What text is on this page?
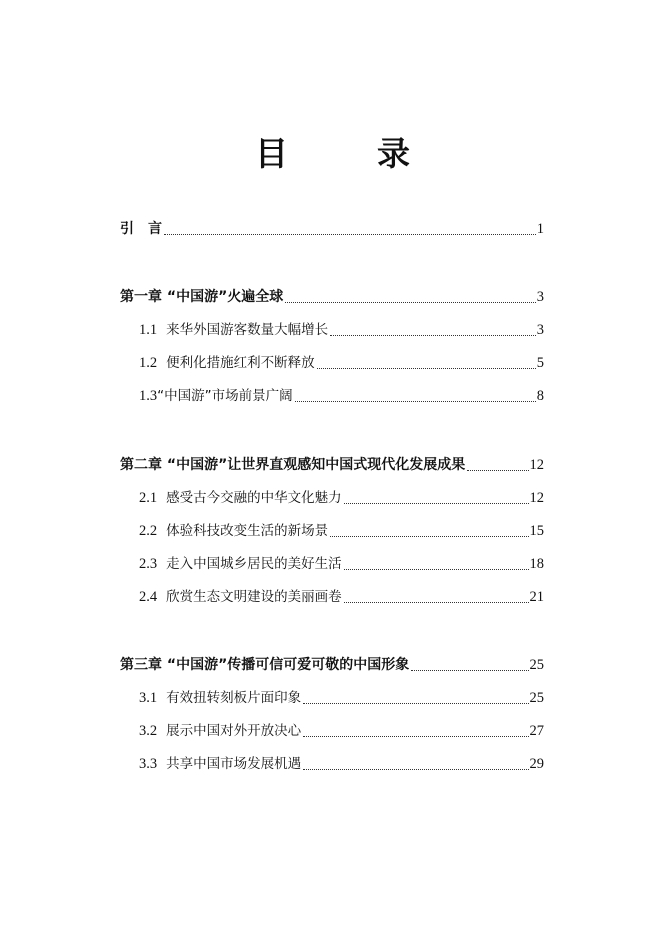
目　录
引　言	1
第一章 “中国游”火遍全球	3
1.1 来华外国游客数量大幅增长	3
1.2 便利化措施红利不断释放	5
1.3 “中国游”市场前景广阔	8
第二章 “中国游”让世界直观感知中国式现代化发展成果	12
2.1 感受古今交融的中华文化魅力	12
2.2 体验科技改变生活的新场景	15
2.3 走入中国城乡居民的美好生活	18
2.4 欣赏生态文明建设的美丽画卷	21
第三章 “中国游”传播可信可爱可敬的中国形象	25
3.1 有效扭转刻板片面印象	25
3.2 展示中国对外开放决心	27
3.3 共享中国市场发展机遇	29
